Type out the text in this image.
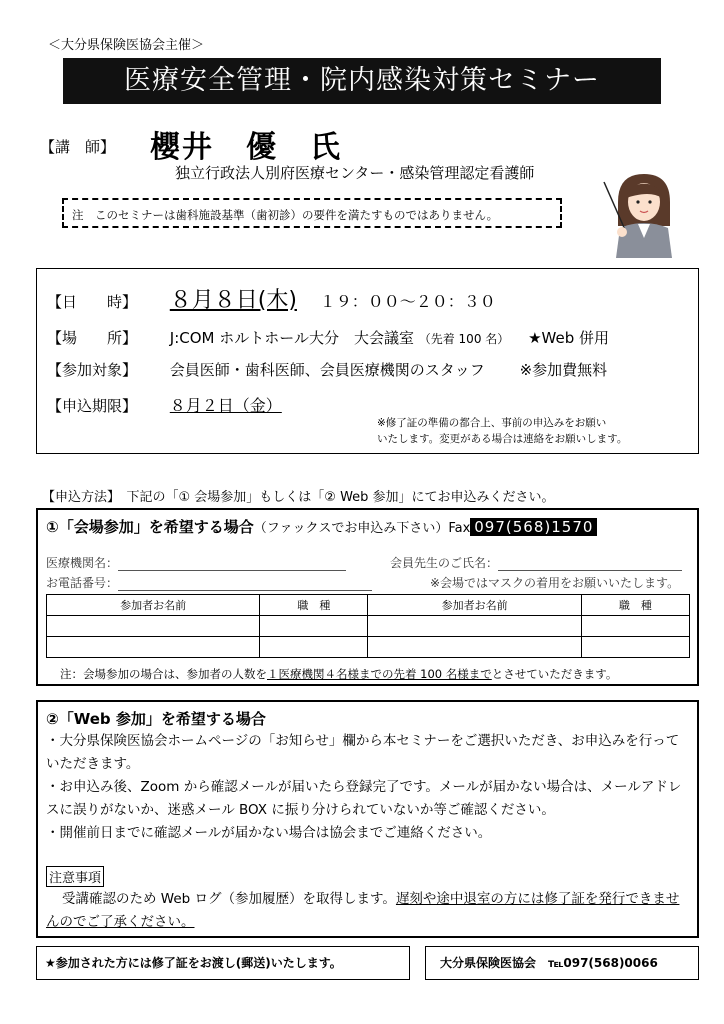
＜大分県保険医協会主催＞
医療安全管理・院内感染対策セミナー
【講　師】 櫻井　優　氏
独立行政法人別府医療センター・感染管理認定看護師
注　このセミナーは歯科施設基準（歯初診）の要件を満たすものではありません。
【日　　時】 ８月８日(木) １９：００～２０：３０
【場　　所】 J:COM ホルトホール大分　大会議室 （先着 100 名） ★Web 併用
【参加対象】 会員医師・歯科医師、会員医療機関のスタッフ ※参加費無料
【申込期限】 ８月２日（金）
※修了証の準備の都合上、事前の申込みをお願い
いたします。変更がある場合は連絡をお願いします。
【申込方法】　下記の「① 会場参加」もしくは「② Web 参加」にてお申込みください。
①「会場参加」を希望する場合（ファックスでお申込み下さい）Fax 097(568)1570
医療機関名：	会員先生のご氏名：
お電話番号：	※会場ではマスクの着用をお願いいたします。
参加者お名前	職　種	参加者お名前	職　種

注：会場参加の場合は、参加者の人数を１医療機関４名様までの先着 100 名様までとさせていただきます。
②「Web 参加」を希望する場合
・大分県保険医協会ホームページの「お知らせ」欄から本セミナーをご選択いただき、お申込みを行っていただきます。
・お申込み後、Zoom から確認メールが届いたら登録完了です。メールが届かない場合は、メールアドレスに誤りがないか、迷惑メール BOX に振り分けられていないか等ご確認ください。
・開催前日までに確認メールが届かない場合は協会までご連絡ください。
注意事項
受講確認のため Web ログ（参加履歴）を取得します。遅刻や途中退室の方には修了証を発行できませんのでご了承ください。
★参加された方には修了証をお渡し(郵送)いたします。	大分県保険医協会　℡097(568)0066
